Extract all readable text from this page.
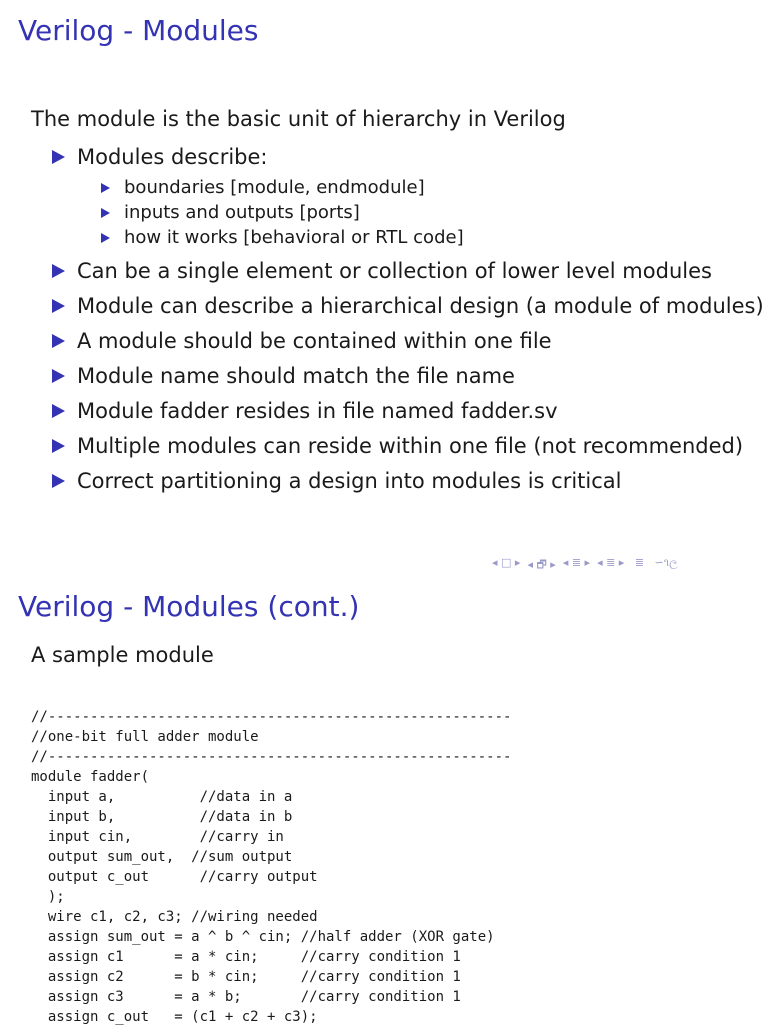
Verilog - Modules
The module is the basic unit of hierarchy in Verilog
Modules describe:
boundaries [module, endmodule]
inputs and outputs [ports]
how it works [behavioral or RTL code]
Can be a single element or collection of lower level modules
Module can describe a hierarchical design (a module of modules)
A module should be contained within one file
Module name should match the file name
Module fadder resides in file named fadder.sv
Multiple modules can reside within one file (not recommended)
Correct partitioning a design into modules is critical
◂ □ ▸ ◂ 🗗 ▸ ◂ ≣ ▸ ◂ ≣ ▸ ≣ ∽૧ල
Verilog - Modules (cont.)
A sample module
//-------------------------------------------------------
//one-bit full adder module
//-------------------------------------------------------
module fadder(
input a,          //data in a
input b,          //data in b
input cin,        //carry in
output sum_out,  //sum output
output c_out      //carry output
);
wire c1, c2, c3; //wiring needed
assign sum_out = a ^ b ^ cin; //half adder (XOR gate)
assign c1      = a * cin;     //carry condition 1
assign c2      = b * cin;     //carry condition 1
assign c3      = a * b;       //carry condition 1
assign c_out   = (c1 + c2 + c3);
